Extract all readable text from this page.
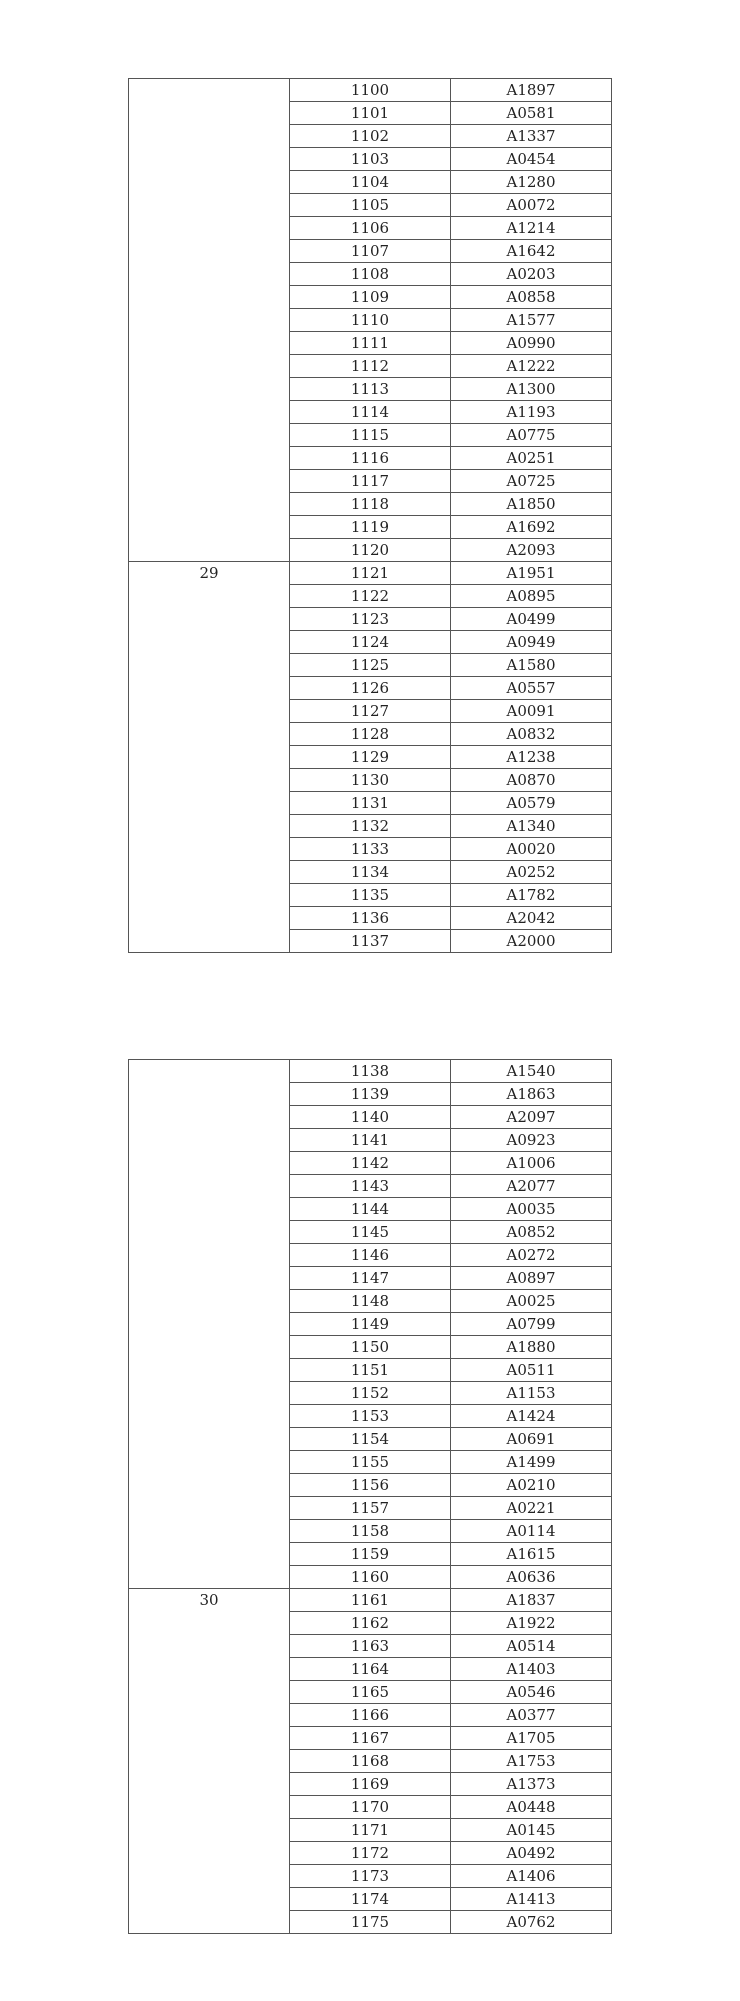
	1100	A1897
	1101	A0581
	1102	A1337
	1103	A0454
	1104	A1280
	1105	A0072
	1106	A1214
	1107	A1642
	1108	A0203
	1109	A0858
	1110	A1577
	1111	A0990
	1112	A1222
	1113	A1300
	1114	A1193
	1115	A0775
	1116	A0251
	1117	A0725
	1118	A1850
	1119	A1692
	1120	A2093
29	1121	A1951
	1122	A0895
	1123	A0499
	1124	A0949
	1125	A1580
	1126	A0557
	1127	A0091
	1128	A0832
	1129	A1238
	1130	A0870
	1131	A0579
	1132	A1340
	1133	A0020
	1134	A0252
	1135	A1782
	1136	A2042
	1137	A2000
	1138	A1540
	1139	A1863
	1140	A2097
	1141	A0923
	1142	A1006
	1143	A2077
	1144	A0035
	1145	A0852
	1146	A0272
	1147	A0897
	1148	A0025
	1149	A0799
	1150	A1880
	1151	A0511
	1152	A1153
	1153	A1424
	1154	A0691
	1155	A1499
	1156	A0210
	1157	A0221
	1158	A0114
	1159	A1615
	1160	A0636
30	1161	A1837
	1162	A1922
	1163	A0514
	1164	A1403
	1165	A0546
	1166	A0377
	1167	A1705
	1168	A1753
	1169	A1373
	1170	A0448
	1171	A0145
	1172	A0492
	1173	A1406
	1174	A1413
	1175	A0762
